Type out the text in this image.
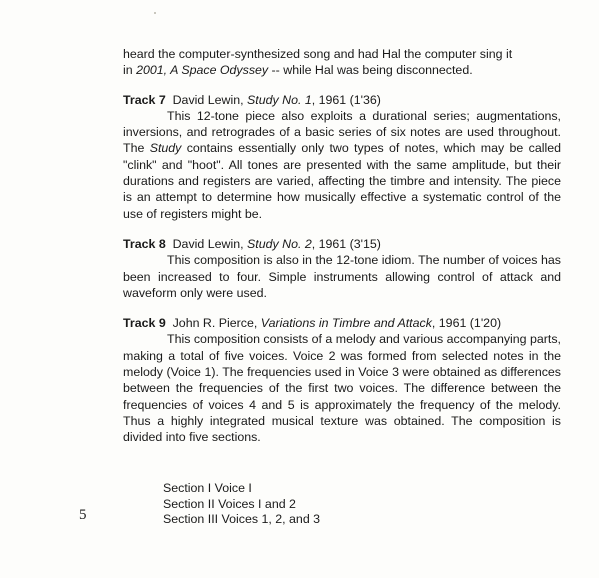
heard the computer-synthesized song and had Hal the computer sing it
in 2001, A Space Odyssey -- while Hal was being disconnected.

Track 7 David Lewin, Study No. 1, 1961 (1'36)

This 12-tone piece also exploits a durational series; augmentations, inversions, and retrogrades of a basic series of six notes are used throughout. The Study contains essentially only two types of notes, which may be called "clink" and "hoot". All tones are presented with the same amplitude, but their durations and registers are varied, affecting the timbre and intensity. The piece is an attempt to determine how musically effective a systematic control of the use of registers might be.

Track 8 David Lewin, Study No. 2, 1961 (3'15)

This composition is also in the 12-tone idiom. The number of voices has been increased to four. Simple instruments allowing control of attack and waveform only were used.

Track 9 John R. Pierce, Variations in Timbre and Attack, 1961 (1'20)

This composition consists of a melody and various accompanying parts, making a total of five voices. Voice 2 was formed from selected notes in the melody (Voice 1). The frequencies used in Voice 3 were obtained as differences between the frequencies of the first two voices. The difference between the frequencies of voices 4 and 5 is approximately the frequency of the melody. Thus a highly integrated musical texture was obtained. The composition is divided into five sections.

Section I Voice I
Section II Voices I and 2
Section III Voices 1, 2, and 3
5
